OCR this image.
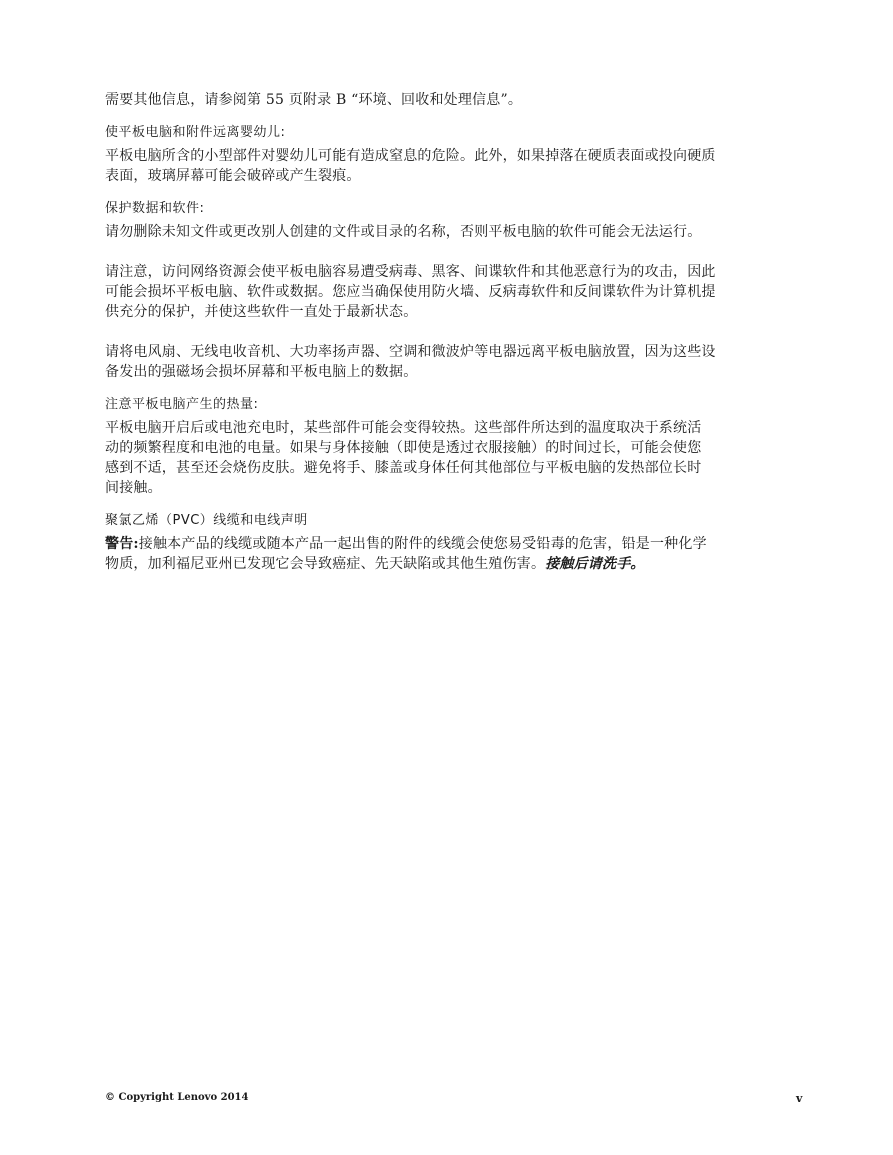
需要其他信息，请参阅第 55 页附录 B “环境、回收和处理信息”。

使平板电脑和附件远离婴幼儿:

平板电脑所含的小型部件对婴幼儿可能有造成窒息的危险。此外，如果掉落在硬质表面或投向硬质
表面，玻璃屏幕可能会破碎或产生裂痕。

保护数据和软件:

请勿删除未知文件或更改别人创建的文件或目录的名称，否则平板电脑的软件可能会无法运行。

请注意，访问网络资源会使平板电脑容易遭受病毒、黑客、间谍软件和其他恶意行为的攻击，因此
可能会损坏平板电脑、软件或数据。您应当确保使用防火墙、反病毒软件和反间谍软件为计算机提
供充分的保护，并使这些软件一直处于最新状态。

请将电风扇、无线电收音机、大功率扬声器、空调和微波炉等电器远离平板电脑放置，因为这些设
备发出的强磁场会损坏屏幕和平板电脑上的数据。

注意平板电脑产生的热量:

平板电脑开启后或电池充电时，某些部件可能会变得较热。这些部件所达到的温度取决于系统活
动的频繁程度和电池的电量。如果与身体接触（即使是透过衣服接触）的时间过长，可能会使您
感到不适，甚至还会烧伤皮肤。避免将手、膝盖或身体任何其他部位与平板电脑的发热部位长时
间接触。

聚氯乙烯（PVC）线缆和电线声明

警告:接触本产品的线缆或随本产品一起出售的附件的线缆会使您易受铅毒的危害，铅是一种化学
物质，加利福尼亚州已发现它会导致癌症、先天缺陷或其他生殖伤害。接触后请洗手。

© Copyright Lenovo 2014	v
